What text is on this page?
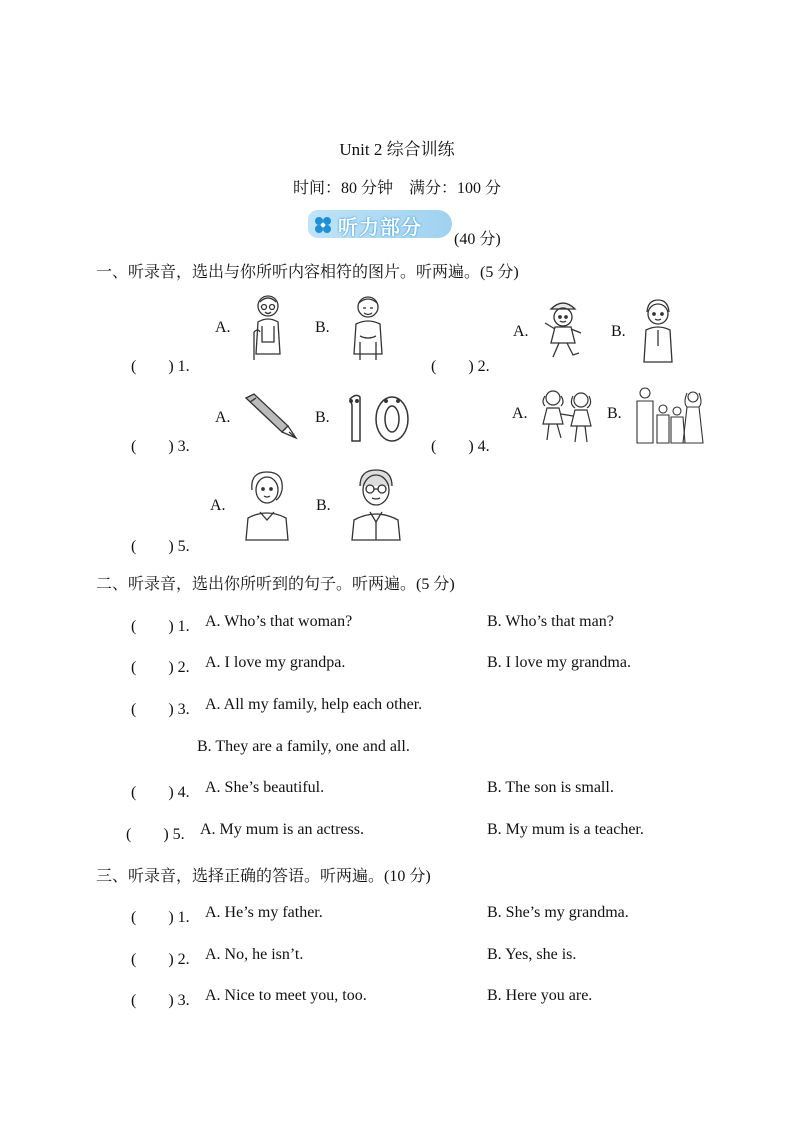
Unit 2 综合训练
时间：80 分钟　满分：100 分
听力部分
(40 分)
一、听录音，选出与你所听内容相符的图片。听两遍。(5 分)
(　　) 1.
A.	B.
(　　) 2.
A.	B.
(　　) 3.
A.	B.
(　　) 4.
A.	B.
(　　) 5.
A.	B.
二、听录音，选出你所听到的句子。听两遍。(5 分)
(　　) 1. A. Who’s that woman?	B. Who’s that man?
(　　) 2. A. I love my grandpa.	B. I love my grandma.
(　　) 3. A. All my family, help each other.
B. They are a family, one and all.
(　　) 4. A. She’s beautiful.	B. The son is small.
(　　) 5. A. My mum is an actress.	B. My mum is a teacher.
三、听录音，选择正确的答语。听两遍。(10 分)
(　　) 1. A. He’s my father.	B. She’s my grandma.
(　　) 2. A. No, he isn’t.	B. Yes, she is.
(　　) 3. A. Nice to meet you, too.	B. Here you are.
